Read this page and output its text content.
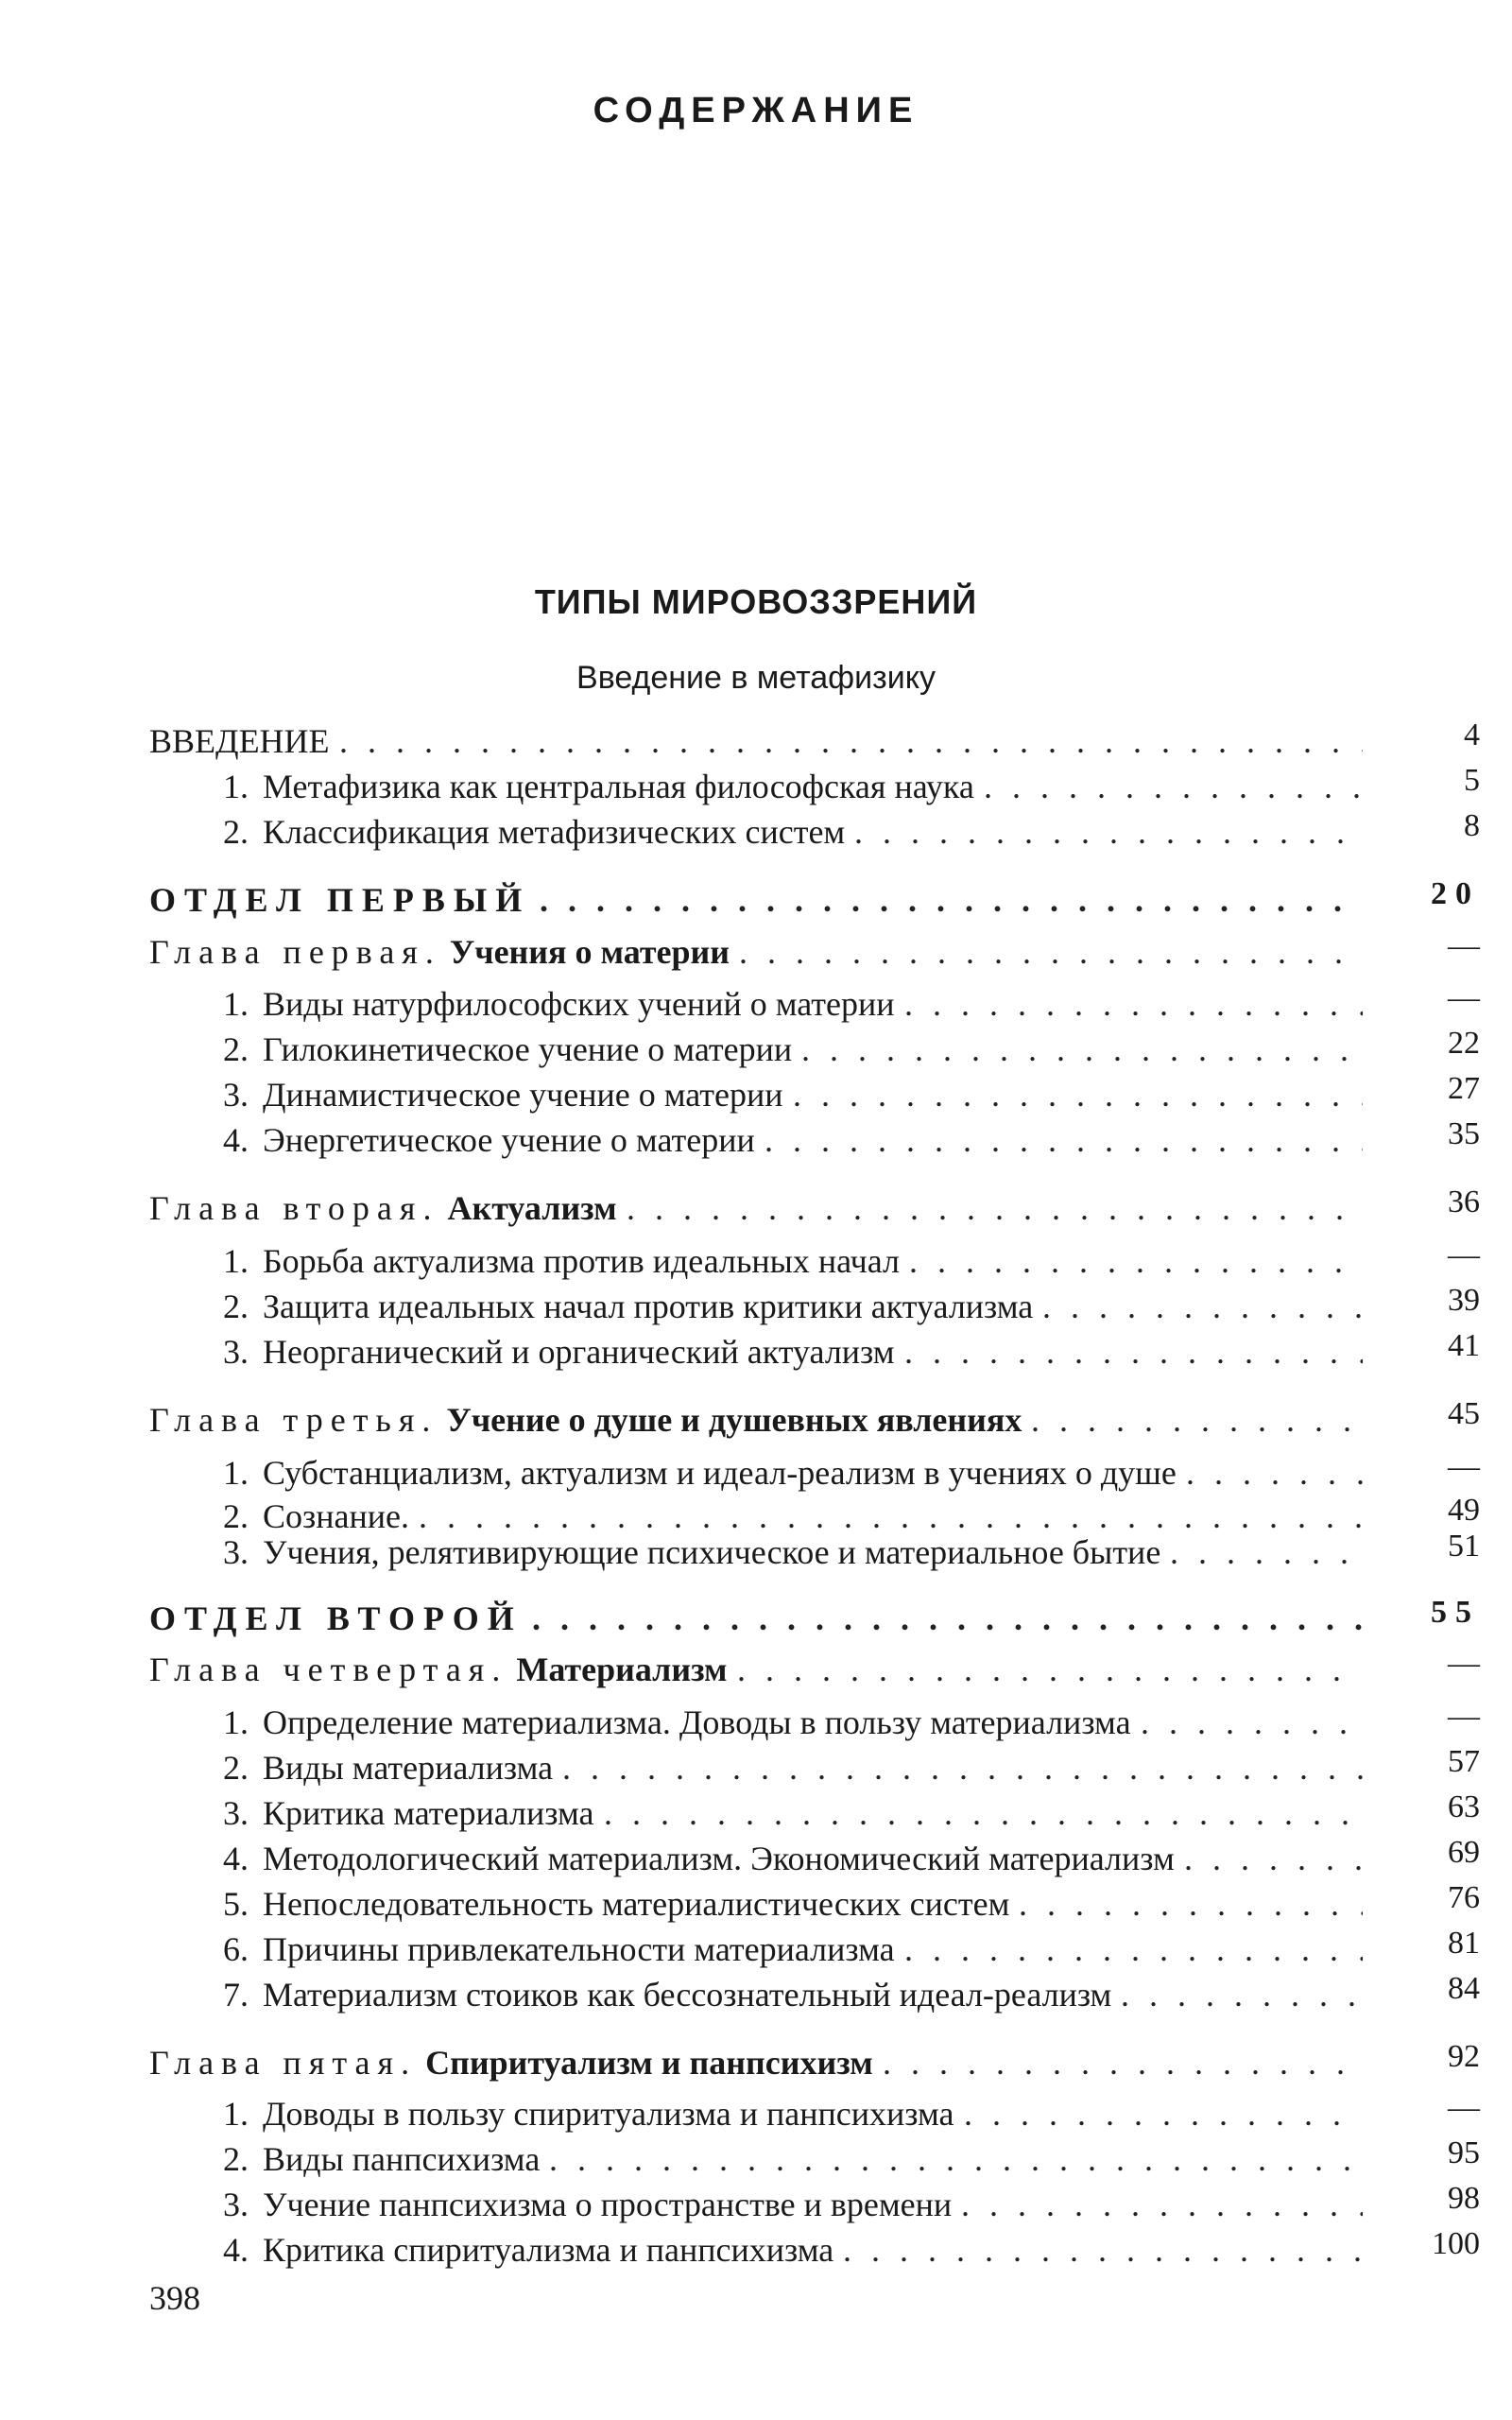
СОДЕРЖАНИЕ
ТИПЫ МИРОВОЗЗРЕНИЙ
Введение в метафизику
ВВЕДЕНИЕ . . .	4
1. Метафизика как центральная философская наука . . .	5
2. Классификация метафизических систем . . .	8
ОТДЕЛ ПЕРВЫЙ . . .	20
Глава первая. Учения о материи . . .	—
1. Виды натурфилософских учений о материи . . .	—
2. Гилокинетическое учение о материи . . .	22
3. Динамистическое учение о материи . . .	27
4. Энергетическое учение о материи . . .	35
Глава вторая. Актуализм . . .	36
1. Борьба актуализма против идеальных начал . . .	—
2. Защита идеальных начал против критики актуализма . . .	39
3. Неорганический и органический актуализм . . .	41
Глава третья. Учение о душе и душевных явлениях . . .	45
1. Субстанциализм, актуализм и идеал-реализм в учениях о душе . . .	—
2. Сознание. . . .	49
3. Учения, релятивирующие психическое и материальное бытие . . .	51
ОТДЕЛ ВТОРОЙ . . .	55
Глава четвертая. Материализм . . .	—
1. Определение материализма. Доводы в пользу материализма . . .	—
2. Виды материализма . . .	57
3. Критика материализма . . .	63
4. Методологический материализм. Экономический материализм . . .	69
5. Непоследовательность материалистических систем . . .	76
6. Причины привлекательности материализма . . .	81
7. Материализм стоиков как бессознательный идеал-реализм . . .	84
Глава пятая. Спиритуализм и панпсихизм . . .	92
1. Доводы в пользу спиритуализма и панпсихизма . . .	—
2. Виды панпсихизма . . .	95
3. Учение панпсихизма о пространстве и времени . . .	98
4. Критика спиритуализма и панпсихизма . . .	100
398
